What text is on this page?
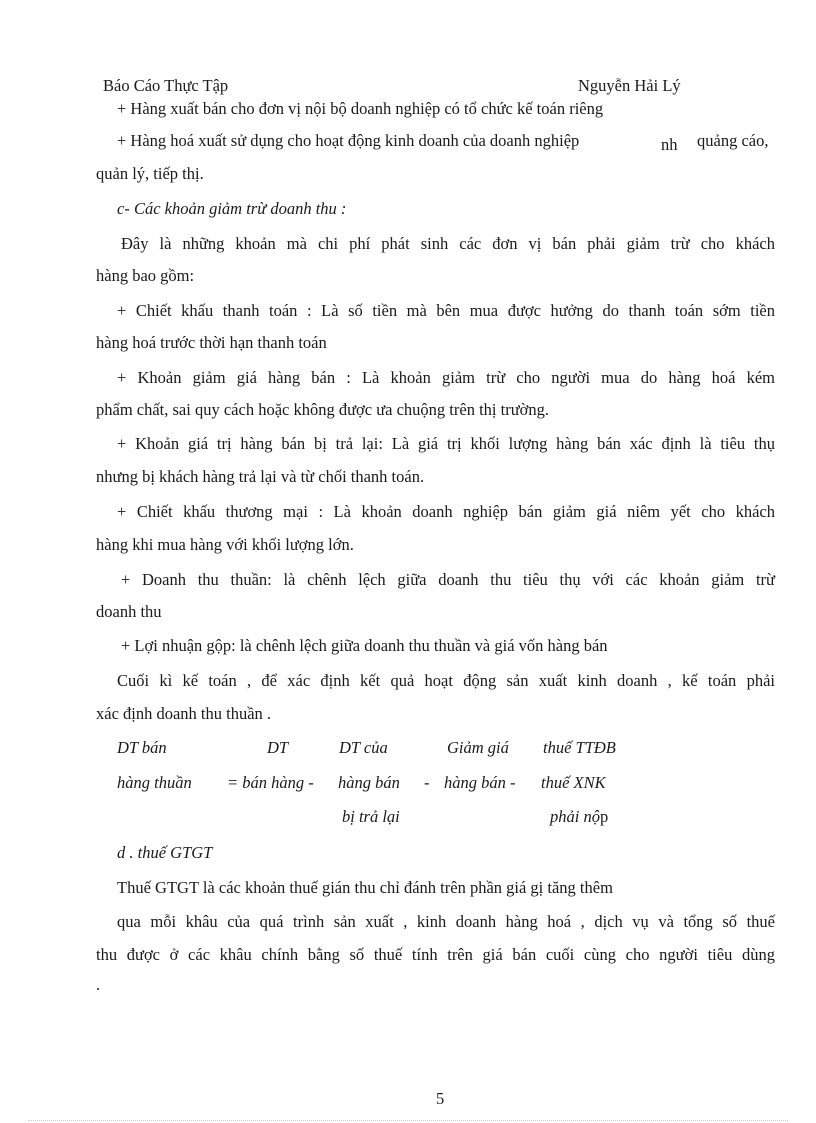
Báo Cáo Thực Tập	Nguyễn Hải Lý
+ Hàng xuất bán cho đơn vị nội bộ doanh nghiệp có tổ chức kế toán riêng
+ Hàng hoá xuất sử dụng cho hoạt động kinh doanh của doanh nghiệp	nh quảng cáo,
quản lý, tiếp thị.
c- Các khoản giảm trừ doanh thu :
Đây là những khoản mà chi phí phát sinh các đơn vị bán phải giảm trừ cho khách
hàng bao gồm:
+ Chiết khấu thanh toán : Là số tiền mà bên mua được hưởng do thanh toán sớm tiền
hàng hoá trước thời hạn thanh toán
+ Khoản giảm giá hàng bán : Là khoản giảm trừ cho người mua do hàng hoá kém
phẩm chất, sai quy cách hoặc không được ưa chuộng trên thị trường.
+ Khoản giá trị hàng bán bị trả lại: Là giá trị khối lượng hàng bán xác định là tiêu thụ
nhưng bị khách hàng trả lại và từ chối thanh toán.
+ Chiết khấu thương mại : Là khoản doanh nghiệp bán giảm giá niêm yết cho khách
hàng khi mua hàng với khối lượng lớn.
+ Doanh thu thuần: là chênh lệch giữa doanh thu tiêu thụ với các khoản giảm trừ
doanh thu
+ Lợi nhuận gộp: là chênh lệch giữa doanh thu thuần và giá vốn hàng bán
Cuối kì kế toán , để xác định kết quả hoạt động sản xuất kinh doanh , kế toán phải
xác định doanh thu thuần .
DT bán	DT	DT của	Giảm giá thuế TTĐB
hàng thuần = bán hàng - hàng bán - hàng bán - thuế XNK
bị trả lại	phải nộp
d . thuế GTGT
Thuế GTGT là các khoản thuế gián thu chỉ đánh trên phần giá gị tăng thêm
qua mỗi khâu của quá trình sản xuất , kinh doanh hàng hoá , dịch vụ và tổng số thuế
thu được ở các khâu chính bằng số thuế tính trên giá bán cuối cùng cho người tiêu dùng
.
5
